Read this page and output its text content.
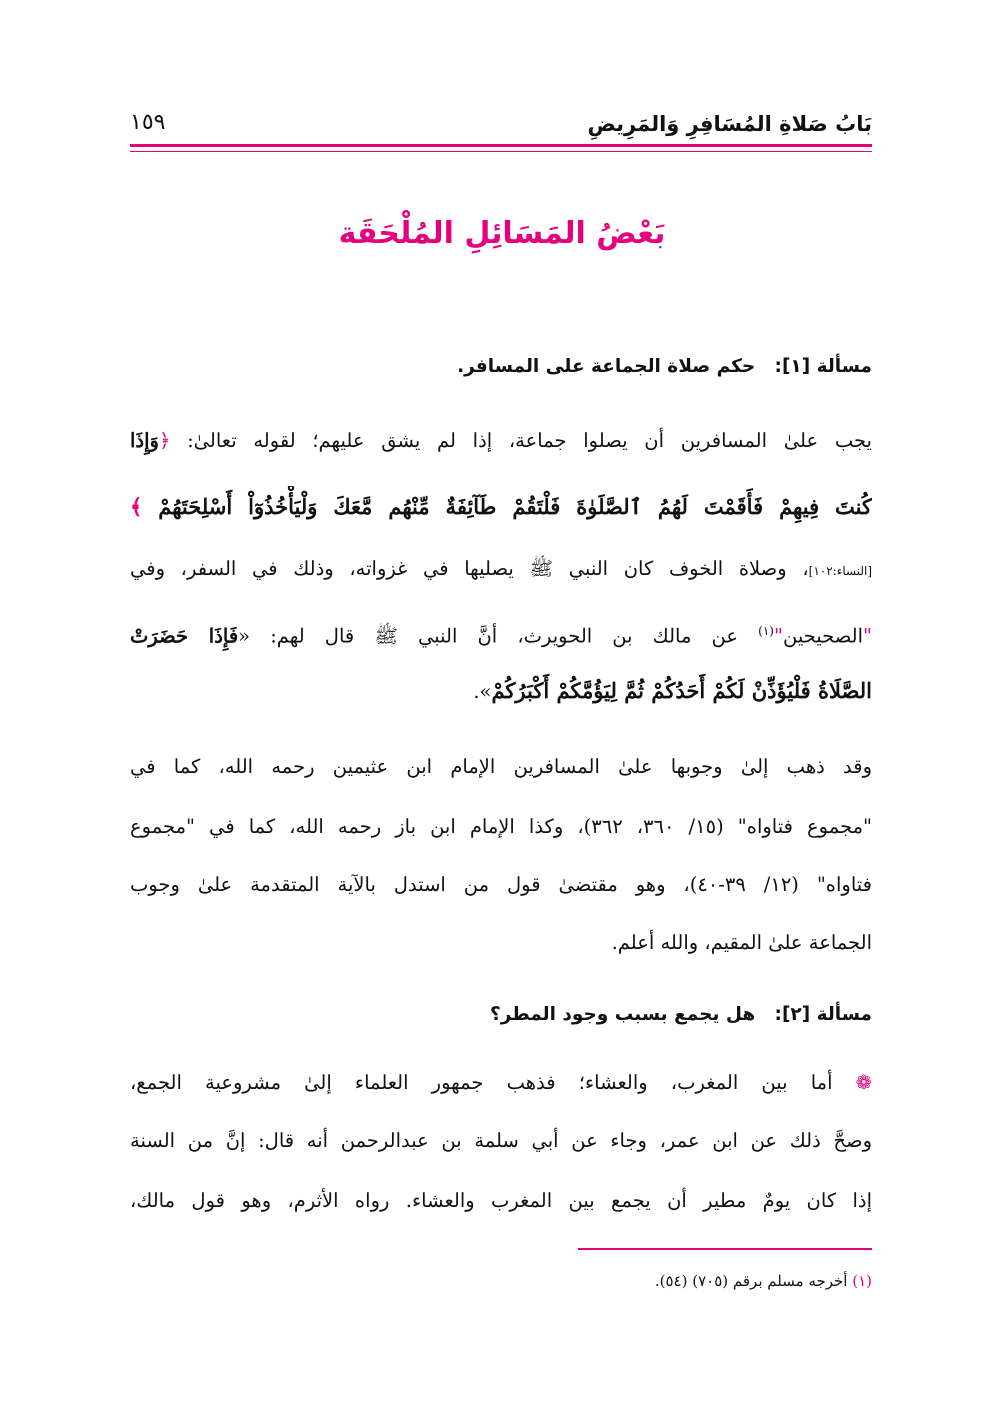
بَابُ صَلاةِ المُسَافِرِ وَالمَرِيضِ
١٥٩
بَعْضُ المَسَائِلِ المُلْحَقَة
مسألة [١]:   حكم صلاة الجماعة على المسافر.
يجب علىٰ المسافرين أن يصلوا جماعة، إذا لم يشق عليهم؛ لقوله تعالىٰ: ﴿وَإِذَا
كُنتَ فِيهِمْ فَأَقَمْتَ لَهُمُ ٱلصَّلَوٰةَ فَلْتَقُمْ طَآئِفَةٌ مِّنْهُم مَّعَكَ وَلْيَأْخُذُوٓاْ أَسْلِحَتَهُمْ ﴾
[النساء:١٠٢]، وصلاة الخوف كان النبي ﷺ يصليها في غزواته، وذلك في السفر، وفي
"الصحيحين"$^{(١)}$ عن مالك بن الحويرث، أنَّ النبي ﷺ قال لهم: «فَإِذَا حَضَرَتْ
الصَّلَاةُ فَلْيُؤَذِّنْ لَكُمْ أَحَدُكُمْ ثُمَّ لِيَؤُمَّكُمْ أَكْبَرُكُمْ».
وقد ذهب إلىٰ وجوبها علىٰ المسافرين الإمام ابن عثيمين رحمه الله، كما في
"مجموع فتاواه" (١٥/ ٣٦٠، ٣٦٢)، وكذا الإمام ابن باز رحمه الله، كما في "مجموع
فتاواه" (١٢/ ٣٩-٤٠)، وهو مقتضىٰ قول من استدل بالآية المتقدمة علىٰ وجوب
الجماعة علىٰ المقيم، والله أعلم.
مسألة [٢]:   هل يجمع بسبب وجود المطر؟
❁ أما بين المغرب، والعشاء؛ فذهب جمهور العلماء إلىٰ مشروعية الجمع،
وصحَّ ذلك عن ابن عمر، وجاء عن أبي سلمة بن عبدالرحمن أنه قال: إنَّ من السنة
إذا كان يومٌ مطير أن يجمع بين المغرب والعشاء. رواه الأثرم، وهو قول مالك،
(١) أخرجه مسلم برقم (٧٠٥) (٥٤).
